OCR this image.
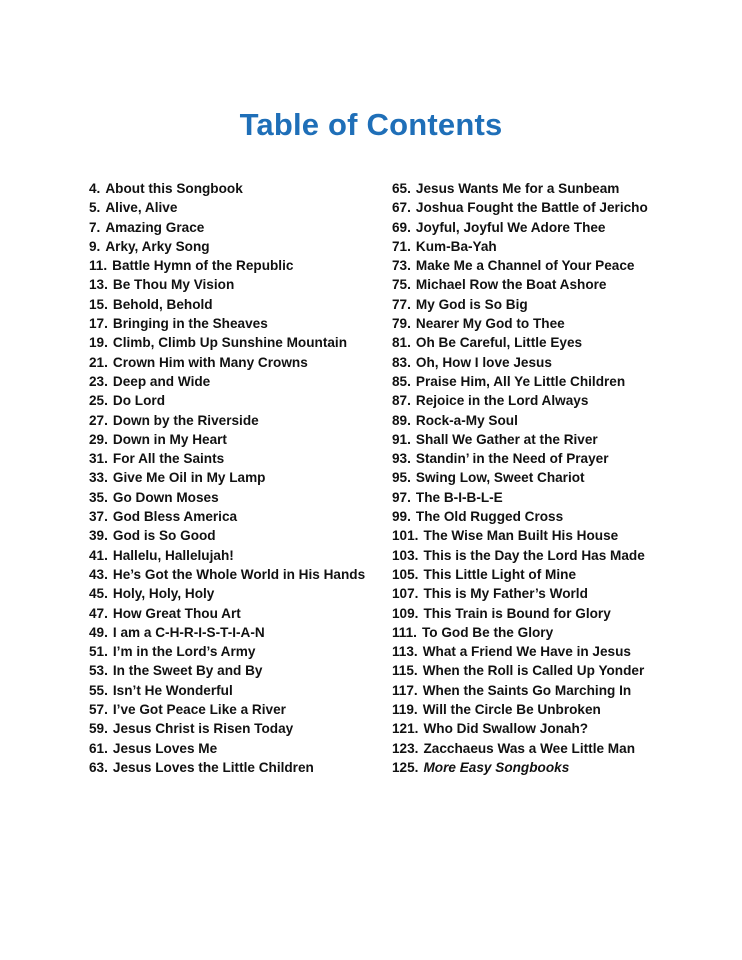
Table of Contents
4. About this Songbook
5. Alive, Alive
7. Amazing Grace
9. Arky, Arky Song
11. Battle Hymn of the Republic
13. Be Thou My Vision
15. Behold, Behold
17. Bringing in the Sheaves
19. Climb, Climb Up Sunshine Mountain
21. Crown Him with Many Crowns
23. Deep and Wide
25. Do Lord
27. Down by the Riverside
29. Down in My Heart
31. For All the Saints
33. Give Me Oil in My Lamp
35. Go Down Moses
37. God Bless America
39. God is So Good
41. Hallelu, Hallelujah!
43. He’s Got the Whole World in His Hands
45. Holy, Holy, Holy
47. How Great Thou Art
49. I am a C-H-R-I-S-T-I-A-N
51. I’m in the Lord’s Army
53. In the Sweet By and By
55. Isn’t He Wonderful
57. I’ve Got Peace Like a River
59. Jesus Christ is Risen Today
61. Jesus Loves Me
63. Jesus Loves the Little Children
65. Jesus Wants Me for a Sunbeam
67. Joshua Fought the Battle of Jericho
69. Joyful, Joyful We Adore Thee
71. Kum-Ba-Yah
73. Make Me a Channel of Your Peace
75. Michael Row the Boat Ashore
77. My God is So Big
79. Nearer My God to Thee
81. Oh Be Careful, Little Eyes
83. Oh, How I love Jesus
85. Praise Him, All Ye Little Children
87. Rejoice in the Lord Always
89. Rock-a-My Soul
91. Shall We Gather at the River
93. Standin’ in the Need of Prayer
95. Swing Low, Sweet Chariot
97. The B-I-B-L-E
99. The Old Rugged Cross
101. The Wise Man Built His House
103. This is the Day the Lord Has Made
105. This Little Light of Mine
107. This is My Father’s World
109. This Train is Bound for Glory
111. To God Be the Glory
113. What a Friend We Have in Jesus
115. When the Roll is Called Up Yonder
117. When the Saints Go Marching In
119. Will the Circle Be Unbroken
121. Who Did Swallow Jonah?
123. Zacchaeus Was a Wee Little Man
125. More Easy Songbooks
